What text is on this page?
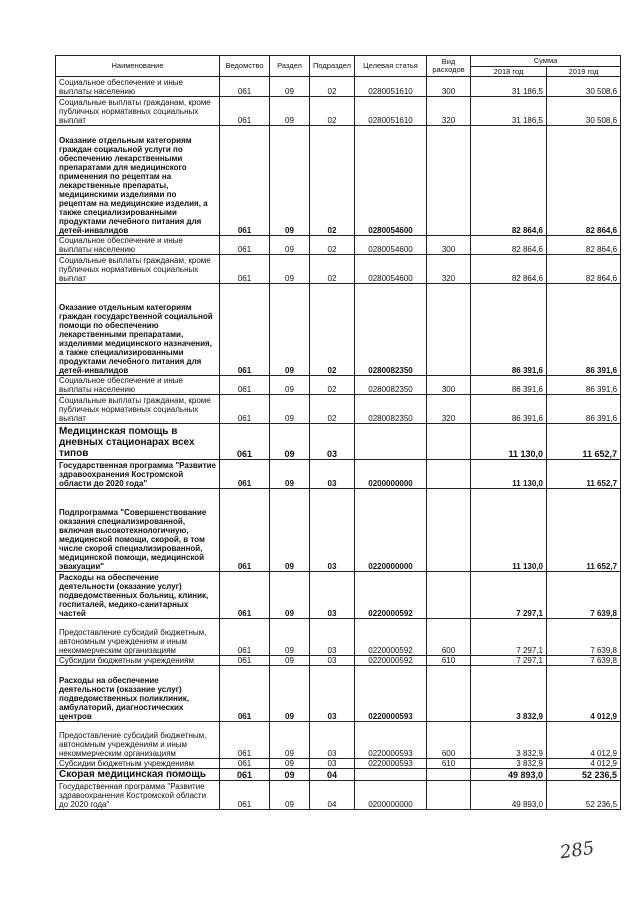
Наименование	Ведомство	Раздел	Подраздел	Целевая статья	Вид расходов	Сумма	
						2018 год	2019 год
Социальное обеспечение и иные выплаты населению	061	09	02	0280051610	300	31 186,5	30 508,6
Социальные выплаты гражданам, кроме публичных нормативных социальных выплат	061	09	02	0280051610	320	31 186,5	30 508,6
Оказание отдельным категориям граждан социальной услуги по обеспечению лекарственными препаратами для медицинского применения по рецептам на лекарственные препараты, медицинскими изделиями по рецептам на медицинские изделия, а также специализированными продуктами лечебного питания для детей-инвалидов	061	09	02	0280054600		82 864,6	82 864,6
Социальное обеспечение и иные выплаты населению	061	09	02	0280054600	300	82 864,6	82 864,6
Социальные выплаты гражданам, кроме публичных нормативных социальных выплат	061	09	02	0280054600	320	82 864,6	82 864,6
Оказание отдельным категориям граждан государственной социальной помощи по обеспечению лекарственными препаратами, изделиями медицинского назначения, а также специализированными продуктами лечебного питания для детей-инвалидов	061	09	02	0280082350		86 391,6	86 391,6
Социальное обеспечение и иные выплаты населению	061	09	02	0280082350	300	86 391,6	86 391,6
Социальные выплаты гражданам, кроме публичных нормативных социальных выплат	061	09	02	0280082350	320	86 391,6	86 391,6
Медицинская помощь в дневных стационарах всех типов	061	09	03			11 130,0	11 652,7
Государственная программа "Развитие здравоохранения Костромской области до 2020 года"	061	09	03	0200000000		11 130,0	11 652,7
Подпрограмма "Совершенствование оказания специализированной, включая высокотехнологичную, медицинской помощи, скорой, в том числе скорой специализированной, медицинской помощи, медицинской эвакуации"	061	09	03	0220000000		11 130,0	11 652,7
Расходы на обеспечение деятельности (оказание услуг) подведомственных больниц, клиник, госпиталей, медико-санитарных частей	061	09	03	0220000592		7 297,1	7 639,8
Предоставление субсидий бюджетным, автономным учреждениям и иным некоммерческим организациям	061	09	03	0220000592	600	7 297,1	7 639,8
Субсидии бюджетным учреждениям	061	09	03	0220000592	610	7 297,1	7 639,8
Расходы на обеспечение деятельности (оказание услуг) подведомственных поликлиник, амбулаторий, диагностических центров	061	09	03	0220000593		3 832,9	4 012,9
Предоставление субсидий бюджетным, автономным учреждениям и иным некоммерческим организациям	061	09	03	0220000593	600	3 832,9	4 012,9
Субсидии бюджетным учреждениям	061	09	03	0220000593	610	3 832,9	4 012,9
Скорая медицинская помощь	061	09	04			49 893,0	52 236,5
Государственная программа "Развитие здравоохранения Костромской области до 2020 года"	061	09	04	0200000000		49 893,0	52 236,5
285
